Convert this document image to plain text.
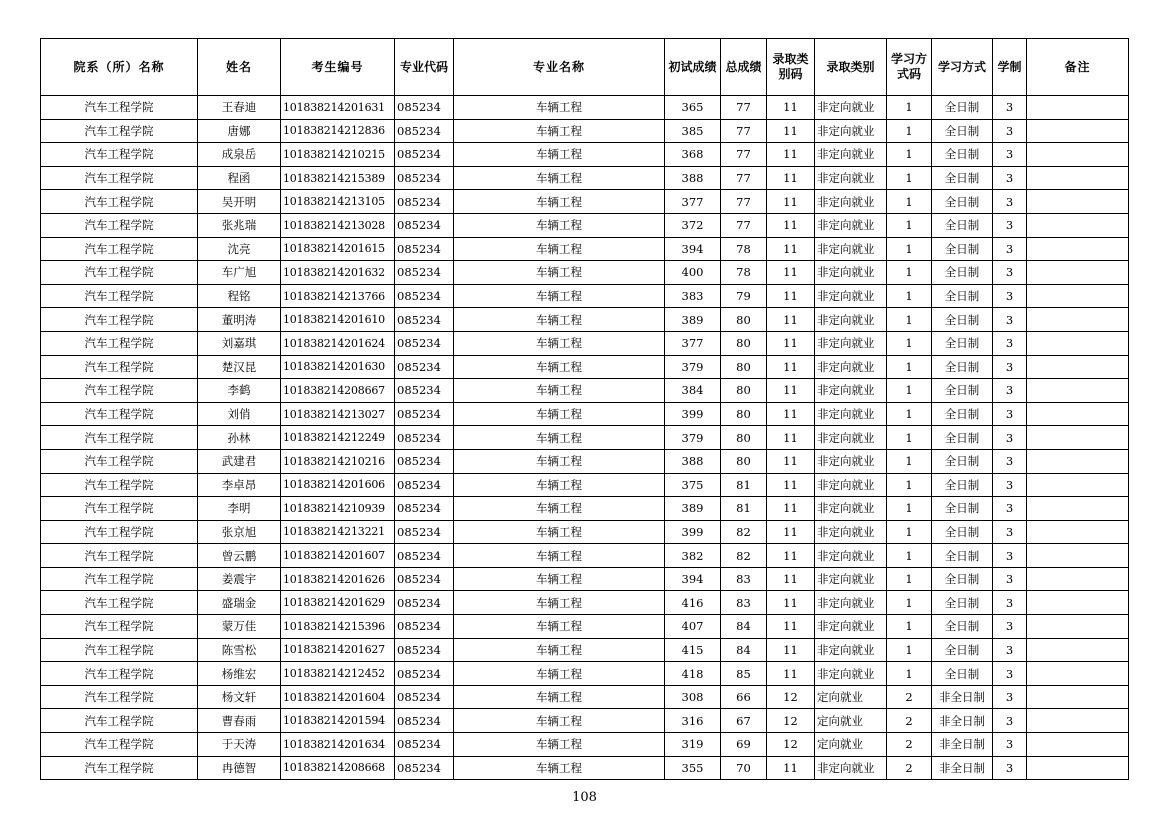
院系（所）名称	姓名	考生编号	专业代码	专业名称	初试成绩	总成绩	录取类别码	录取类别	学习方式码	学习方式	学制	备注
汽车工程学院	王春迪	101838214201631	085234	车辆工程	365	77	11	非定向就业	1	全日制	3	
汽车工程学院	唐娜	101838214212836	085234	车辆工程	385	77	11	非定向就业	1	全日制	3	
汽车工程学院	成泉岳	101838214210215	085234	车辆工程	368	77	11	非定向就业	1	全日制	3	
汽车工程学院	程函	101838214215389	085234	车辆工程	388	77	11	非定向就业	1	全日制	3	
汽车工程学院	吴开明	101838214213105	085234	车辆工程	377	77	11	非定向就业	1	全日制	3	
汽车工程学院	张兆瑞	101838214213028	085234	车辆工程	372	77	11	非定向就业	1	全日制	3	
汽车工程学院	沈亮	101838214201615	085234	车辆工程	394	78	11	非定向就业	1	全日制	3	
汽车工程学院	车广旭	101838214201632	085234	车辆工程	400	78	11	非定向就业	1	全日制	3	
汽车工程学院	程铭	101838214213766	085234	车辆工程	383	79	11	非定向就业	1	全日制	3	
汽车工程学院	董明涛	101838214201610	085234	车辆工程	389	80	11	非定向就业	1	全日制	3	
汽车工程学院	刘嘉琪	101838214201624	085234	车辆工程	377	80	11	非定向就业	1	全日制	3	
汽车工程学院	楚汉昆	101838214201630	085234	车辆工程	379	80	11	非定向就业	1	全日制	3	
汽车工程学院	李鹤	101838214208667	085234	车辆工程	384	80	11	非定向就业	1	全日制	3	
汽车工程学院	刘俏	101838214213027	085234	车辆工程	399	80	11	非定向就业	1	全日制	3	
汽车工程学院	孙林	101838214212249	085234	车辆工程	379	80	11	非定向就业	1	全日制	3	
汽车工程学院	武建君	101838214210216	085234	车辆工程	388	80	11	非定向就业	1	全日制	3	
汽车工程学院	李卓昂	101838214201606	085234	车辆工程	375	81	11	非定向就业	1	全日制	3	
汽车工程学院	李明	101838214210939	085234	车辆工程	389	81	11	非定向就业	1	全日制	3	
汽车工程学院	张京旭	101838214213221	085234	车辆工程	399	82	11	非定向就业	1	全日制	3	
汽车工程学院	曾云鹏	101838214201607	085234	车辆工程	382	82	11	非定向就业	1	全日制	3	
汽车工程学院	姜震宇	101838214201626	085234	车辆工程	394	83	11	非定向就业	1	全日制	3	
汽车工程学院	盛瑞金	101838214201629	085234	车辆工程	416	83	11	非定向就业	1	全日制	3	
汽车工程学院	蒙万佳	101838214215396	085234	车辆工程	407	84	11	非定向就业	1	全日制	3	
汽车工程学院	陈雪松	101838214201627	085234	车辆工程	415	84	11	非定向就业	1	全日制	3	
汽车工程学院	杨维宏	101838214212452	085234	车辆工程	418	85	11	非定向就业	1	全日制	3	
汽车工程学院	杨文轩	101838214201604	085234	车辆工程	308	66	12	定向就业	2	非全日制	3	
汽车工程学院	曹春雨	101838214201594	085234	车辆工程	316	67	12	定向就业	2	非全日制	3	
汽车工程学院	于天涛	101838214201634	085234	车辆工程	319	69	12	定向就业	2	非全日制	3	
汽车工程学院	冉德智	101838214208668	085234	车辆工程	355	70	11	非定向就业	2	非全日制	3	
108
